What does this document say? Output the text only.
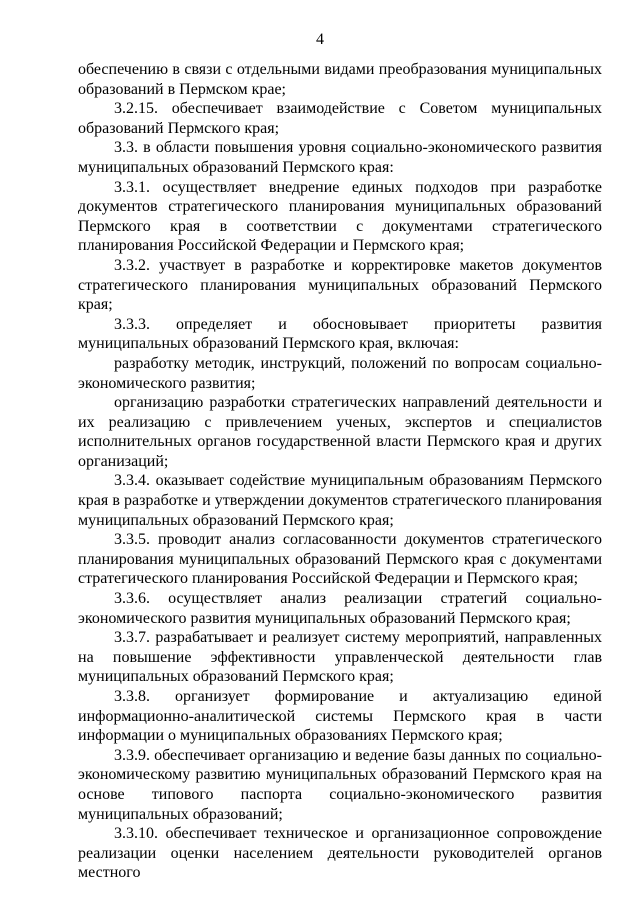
4

обеспечению в связи с отдельными видами преобразования муниципальных образований в Пермском крае;

3.2.15. обеспечивает взаимодействие с Советом муниципальных образований Пермского края;

3.3. в области повышения уровня социально-экономического развития муниципальных образований Пермского края:

3.3.1. осуществляет внедрение единых подходов при разработке документов стратегического планирования муниципальных образований Пермского края в соответствии с документами стратегического планирования Российской Федерации и Пермского края;

3.3.2. участвует в разработке и корректировке макетов документов стратегического планирования муниципальных образований Пермского края;

3.3.3. определяет и обосновывает приоритеты развития муниципальных образований Пермского края, включая:

разработку методик, инструкций, положений по вопросам социально-экономического развития;

организацию разработки стратегических направлений деятельности и их реализацию с привлечением ученых, экспертов и специалистов исполнительных органов государственной власти Пермского края и других организаций;

3.3.4. оказывает содействие муниципальным образованиям Пермского края в разработке и утверждении документов стратегического планирования муниципальных образований Пермского края;

3.3.5. проводит анализ согласованности документов стратегического планирования муниципальных образований Пермского края с документами стратегического планирования Российской Федерации и Пермского края;

3.3.6. осуществляет анализ реализации стратегий социально-экономического развития муниципальных образований Пермского края;

3.3.7. разрабатывает и реализует систему мероприятий, направленных на повышение эффективности управленческой деятельности глав муниципальных образований Пермского края;

3.3.8. организует формирование и актуализацию единой информационно-аналитической системы Пермского края в части информации о муниципальных образованиях Пермского края;

3.3.9. обеспечивает организацию и ведение базы данных по социально-экономическому развитию муниципальных образований Пермского края на основе типового паспорта социально-экономического развития муниципальных образований;

3.3.10. обеспечивает техническое и организационное сопровождение реализации оценки населением деятельности руководителей органов местного
